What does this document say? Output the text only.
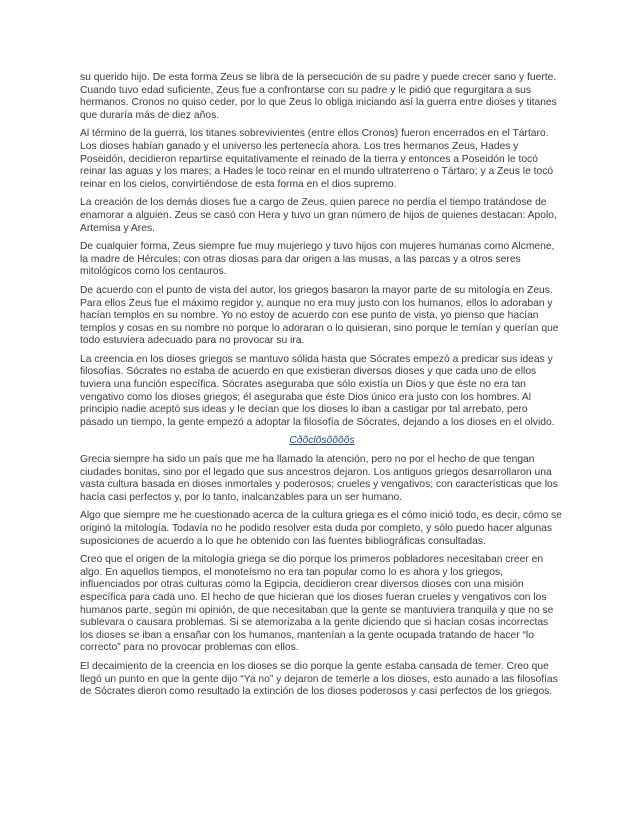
su querido hijo. De esta forma Zeus se libra de la persecución de su padre y puede crecer sano y fuerte. Cuando tuvo edad suficiente, Zeus fue a confrontarse con su padre y le pidió que regurgitara a sus hermanos. Cronos no quiso ceder, por lo que Zeus lo obliga iniciando así la guerra entre dioses y titanes que duraría más de diez años.

Al término de la guerra, los titanes sobrevivientes (entre ellos Cronos) fueron encerrados en el Tártaro. Los dioses habían ganado y el universo les pertenecía ahora. Los tres hermanos Zeus, Hades y Poseidón, decidieron repartirse equitativamente el reinado de la tierra y entonces a Poseidón le tocó reinar las aguas y los mares; a Hades le toco reinar en el mundo ultraterreno o Tártaro; y a Zeus le tocó reinar en los cielos, convirtiéndose de esta forma en el dios supremo.

La creación de los demás dioses fue a cargo de Zeus, quien parece no perdía el tiempo tratándose de enamorar a alguien. Zeus se casó con Hera y tuvo un gran número de hijos de quienes destacan: Apolo, Artemisa y Ares.

De cualquier forma, Zeus siempre fue muy mujeriego y tuvo hijos con mujeres humanas como Alcmene, la madre de Hércules; con otras diosas para dar origen a las musas, a las parcas y a otros seres mitológicos como los centauros.

De acuerdo con el punto de vista del autor, los griegos basaron la mayor parte de su mitología en Zeus. Para ellos Zeus fue el máximo regidor y, aunque no era muy justo con los humanos, ellos lo adoraban y hacían templos en su nombre. Yo no estoy de acuerdo con ese punto de vista, yo pienso que hacían templos y cosas en su nombre no porque lo adoraran o lo quisieran, sino porque le temían y querían que todo estuviera adecuado para no provocar su ira.

La creencia en los dioses griegos se mantuvo sólida hasta que Sócrates empezó a predicar sus ideas y filosofías. Sócrates no estaba de acuerdo en que existieran diversos dioses y que cada uno de ellos tuviera una función específica. Sócrates aseguraba que sólo existía un Dios y que éste no era tan vengativo como los dioses griegos; él aseguraba que éste Dios único era justo con los hombres. Al principio nadie aceptó sus ideas y le decían que los dioses lo iban a castigar por tal arrebato, pero pasado un tiempo, la gente empezó a adoptar la filosofía de Sócrates, dejando a los dioses en el olvido.

Cðõclõsõõõõs

Grecia siempre ha sido un país que me ha llamado la atención, pero no por el hecho de que tengan ciudades bonitas, sino por el legado que sus ancestros dejaron. Los antiguos griegos desarrollaron una vasta cultura basada en dioses inmortales y poderosos; crueles y vengativos; con características que los hacía casi perfectos y, por lo tanto, inalcanzables para un ser humano.

Algo que siempre me he cuestionado acerca de la cultura griega es el cómo inició todo, es decir, cómo se originó la mitología. Todavía no he podido resolver esta duda por completo, y sólo puedo hacer algunas suposiciones de acuerdo a lo que he obtenido con las fuentes bibliográficas consultadas.

Creo que el origen de la mitología griega se dio porque los primeros pobladores necesitaban creer en algo. En aquellos tiempos, el monoteísmo no era tan popular como lo es ahora y los griegos, influenciados por otras culturas como la Egipcia, decidieron crear diversos dioses con una misión específica para cada uno. El hecho de que hicieran que los dioses fueran crueles y vengativos con los humanos parte, según mi opinión, de que necesitaban que la gente se mantuviera tranquila y que no se sublevara o causara problemas. Si se atemorizaba a la gente diciendo que si hacían cosas incorrectas los dioses se iban a ensañar con los humanos, mantenían a la gente ocupada tratando de hacer “lo correcto” para no provocar problemas con ellos.

El decaimiento de la creencia en los dioses se dio porque la gente estaba cansada de temer. Creo que llegó un punto en que la gente dijo “Ya no” y dejaron de temerle a los dioses, esto aunado a las filosofías de Sócrates dieron como resultado la extinción de los dioses poderosos y casi perfectos de los griegos.
